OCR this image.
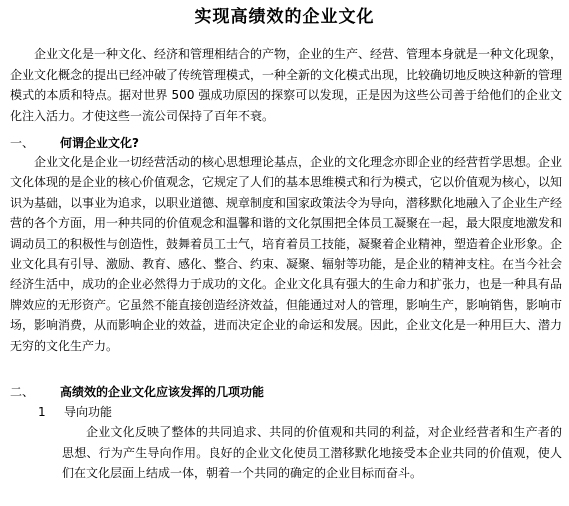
实现高绩效的企业文化

企业文化是一种文化、经济和管理相结合的产物，企业的生产、经营、管理本身就是一种文化现象，企业文化概念的提出已经冲破了传统管理模式，一种全新的文化模式出现，比较确切地反映这种新的管理模式的本质和特点。据对世界 500 强成功原因的探察可以发现，正是因为这些公司善于给他们的企业文化注入活力。才使这些一流公司保持了百年不衰。

一、 何谓企业文化?

企业文化是企业一切经营活动的核心思想理论基点，企业的文化理念亦即企业的经营哲学思想。企业文化体现的是企业的核心价值观念，它规定了人们的基本思维模式和行为模式，它以价值观为核心，以知识为基础，以事业为追求，以职业道德、规章制度和国家政策法令为导向，潜移默化地融入了企业生产经营的各个方面，用一种共同的价值观念和温馨和谐的文化氛围把全体员工凝聚在一起，最大限度地激发和调动员工的积极性与创造性，鼓舞着员工士气，培育着员工技能，凝聚着企业精神，塑造着企业形象。企业文化具有引导、激励、教育、感化、整合、约束、凝聚、辐射等功能，是企业的精神支柱。在当今社会经济生活中，成功的企业必然得力于成功的文化。企业文化具有强大的生命力和扩张力，也是一种具有品牌效应的无形资产。它虽然不能直接创造经济效益，但能通过对人的管理，影响生产，影响销售，影响市场，影响消费，从而影响企业的效益，进而决定企业的命运和发展。因此，企业文化是一种用巨大、潜力无穷的文化生产力。

二、 高绩效的企业文化应该发挥的几项功能
1 导向功能

企业文化反映了整体的共同追求、共同的价值观和共同的利益，对企业经营者和生产者的思想、行为产生导向作用。良好的企业文化使员工潜移默化地接受本企业共同的价值观，使人们在文化层面上结成一体，朝着一个共同的确定的企业目标而奋斗。
